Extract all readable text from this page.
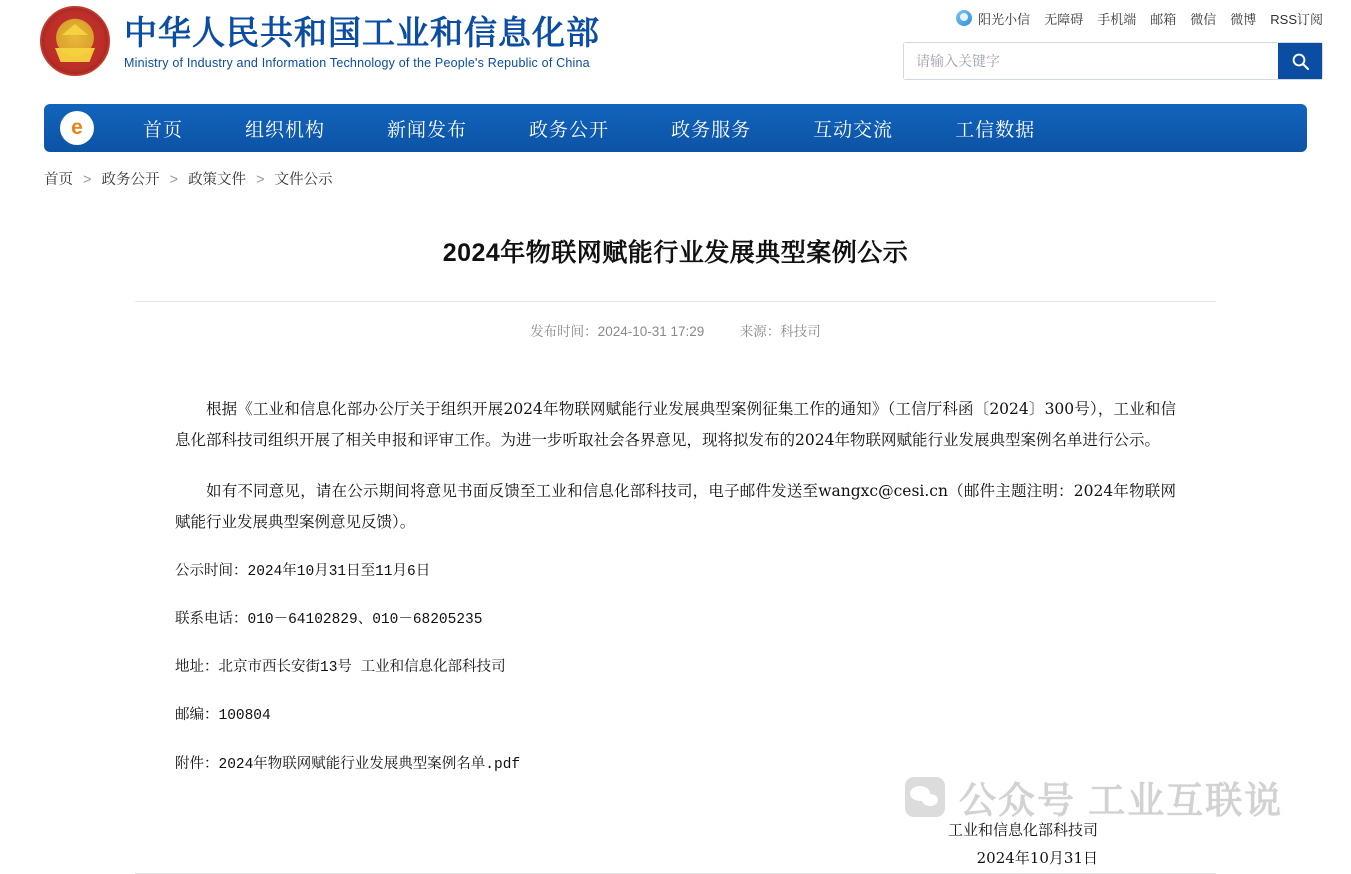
中华人民共和国工业和信息化部
Ministry of Industry and Information Technology of the People's Republic of China
阳光小信 无障碍 手机端 邮箱 微信 微博 RSS订阅
请输入关键字
e	首页	组织机构	新闻发布	政务公开	政务服务	互动交流	工信数据
首页 > 政务公开 > 政策文件 > 文件公示
2024年物联网赋能行业发展典型案例公示
发布时间：2024-10-31 17:29	来源：科技司

根据《工业和信息化部办公厅关于组织开展2024年物联网赋能行业发展典型案例征集工作的通知》（工信厅科函〔2024〕300号），工业和信息化部科技司组织开展了相关申报和评审工作。为进一步听取社会各界意见，现将拟发布的2024年物联网赋能行业发展典型案例名单进行公示。

如有不同意见，请在公示期间将意见书面反馈至工业和信息化部科技司，电子邮件发送至wangxc@cesi.cn（邮件主题注明：2024年物联网赋能行业发展典型案例意见反馈）。

公示时间：2024年10月31日至11月6日

联系电话：010－64102829、010－68205235

地址：北京市西长安街13号 工业和信息化部科技司

邮编：100804

附件：2024年物联网赋能行业发展典型案例名单.pdf

工业和信息化部科技司
2024年10月31日
公众号 工业互联说
